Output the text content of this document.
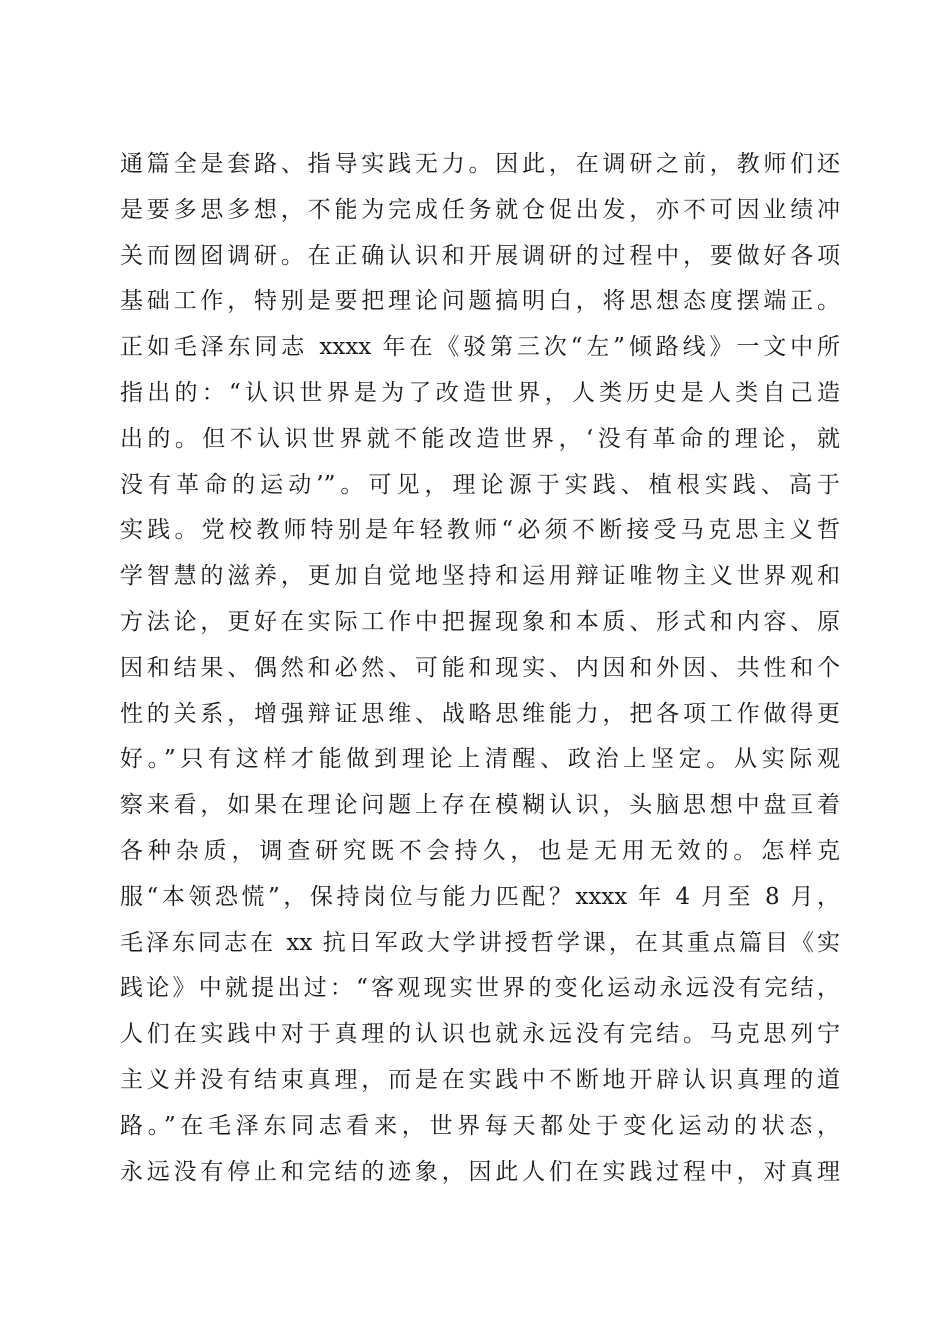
通篇全是套路、指导实践无力。因此，在调研之前，教师们还
是要多思多想，不能为完成任务就仓促出发，亦不可因业绩冲
关而囫囵调研。在正确认识和开展调研的过程中，要做好各项
基础工作，特别是要把理论问题搞明白，将思想态度摆端正。
正如毛泽东同志 xxxx 年在《驳第三次“左”倾路线》一文中所
指出的：“认识世界是为了改造世界，人类历史是人类自己造
出的。但不认识世界就不能改造世界，‘没有革命的理论，就
没有革命的运动’”。可见，理论源于实践、植根实践、高于
实践。党校教师特别是年轻教师“必须不断接受马克思主义哲
学智慧的滋养，更加自觉地坚持和运用辩证唯物主义世界观和
方法论，更好在实际工作中把握现象和本质、形式和内容、原
因和结果、偶然和必然、可能和现实、内因和外因、共性和个
性的关系，增强辩证思维、战略思维能力，把各项工作做得更
好。”只有这样才能做到理论上清醒、政治上坚定。从实际观
察来看，如果在理论问题上存在模糊认识，头脑思想中盘亘着
各种杂质，调查研究既不会持久，也是无用无效的。怎样克
服“本领恐慌”，保持岗位与能力匹配？xxxx 年 4 月至 8 月，
毛泽东同志在 xx 抗日军政大学讲授哲学课，在其重点篇目《实
践论》中就提出过：“客观现实世界的变化运动永远没有完结，
人们在实践中对于真理的认识也就永远没有完结。马克思列宁
主义并没有结束真理，而是在实践中不断地开辟认识真理的道
路。”在毛泽东同志看来，世界每天都处于变化运动的状态，
永远没有停止和完结的迹象，因此人们在实践过程中，对真理
